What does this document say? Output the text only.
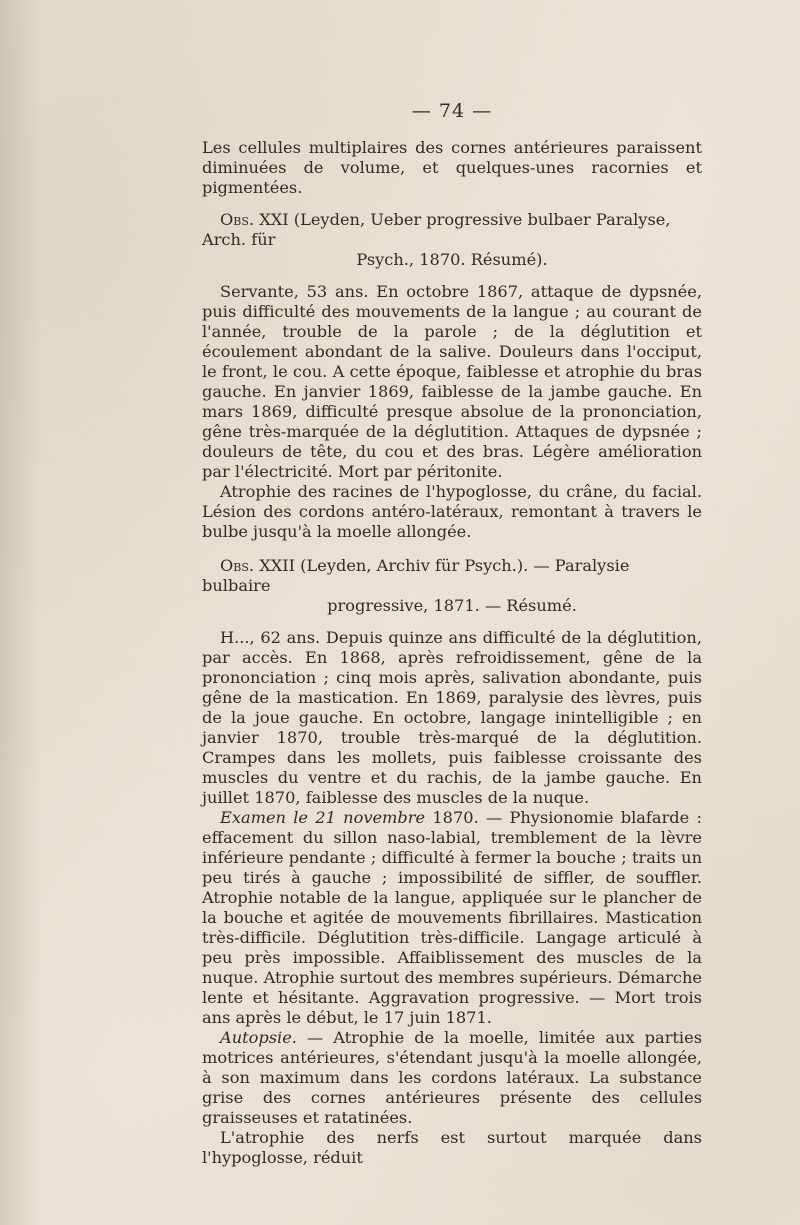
— 74 —

Les cellules multiplaires des cornes antérieures paraissent diminuées de volume, et quelques-unes racornies et pigmentées.

Obs. XXI (Leyden, Ueber progressive bulbaer Paralyse, Arch. für

Psych., 1870. Résumé).

Servante, 53 ans. En octobre 1867, attaque de dypsnée, puis difficulté des mouvements de la langue ; au courant de l'année, trouble de la parole ; de la déglutition et écoulement abondant de la salive. Douleurs dans l'occiput, le front, le cou. A cette époque, faiblesse et atrophie du bras gauche. En janvier 1869, faiblesse de la jambe gauche. En mars 1869, difficulté presque absolue de la prononciation, gêne très-marquée de la déglutition. Attaques de dypsnée ; douleurs de tête, du cou et des bras. Légère amélioration par l'électricité. Mort par péritonite.

Atrophie des racines de l'hypoglosse, du crâne, du facial. Lésion des cordons antéro-latéraux, remontant à travers le bulbe jusqu'à la moelle allongée.

Obs. XXII (Leyden, Archiv für Psych.). — Paralysie bulbaire

progressive, 1871. — Résumé.

H..., 62 ans. Depuis quinze ans difficulté de la déglutition, par accès. En 1868, après refroidissement, gêne de la prononciation ; cinq mois après, salivation abondante, puis gêne de la mastication. En 1869, paralysie des lèvres, puis de la joue gauche. En octobre, langage inintelligible ; en janvier 1870, trouble très-marqué de la déglutition. Crampes dans les mollets, puis faiblesse croissante des muscles du ventre et du rachis, de la jambe gauche. En juillet 1870, faiblesse des muscles de la nuque.

Examen le 21 novembre 1870. — Physionomie blafarde : effacement du sillon naso-labial, tremblement de la lèvre inférieure pendante ; difficulté à fermer la bouche ; traits un peu tirés à gauche ; impossibilité de siffler, de souffler. Atrophie notable de la langue, appliquée sur le plancher de la bouche et agitée de mouvements fibrillaires. Mastication très-difficile. Déglutition très-difficile. Langage articulé à peu près impossible. Affaiblissement des muscles de la nuque. Atrophie surtout des membres supérieurs. Démarche lente et hésitante. Aggravation progressive. — Mort trois ans après le début, le 17 juin 1871.

Autopsie. — Atrophie de la moelle, limitée aux parties motrices antérieures, s'étendant jusqu'à la moelle allongée, à son maximum dans les cordons latéraux. La substance grise des cornes antérieures présente des cellules graisseuses et ratatinées.

L'atrophie des nerfs est surtout marquée dans l'hypoglosse, réduit
